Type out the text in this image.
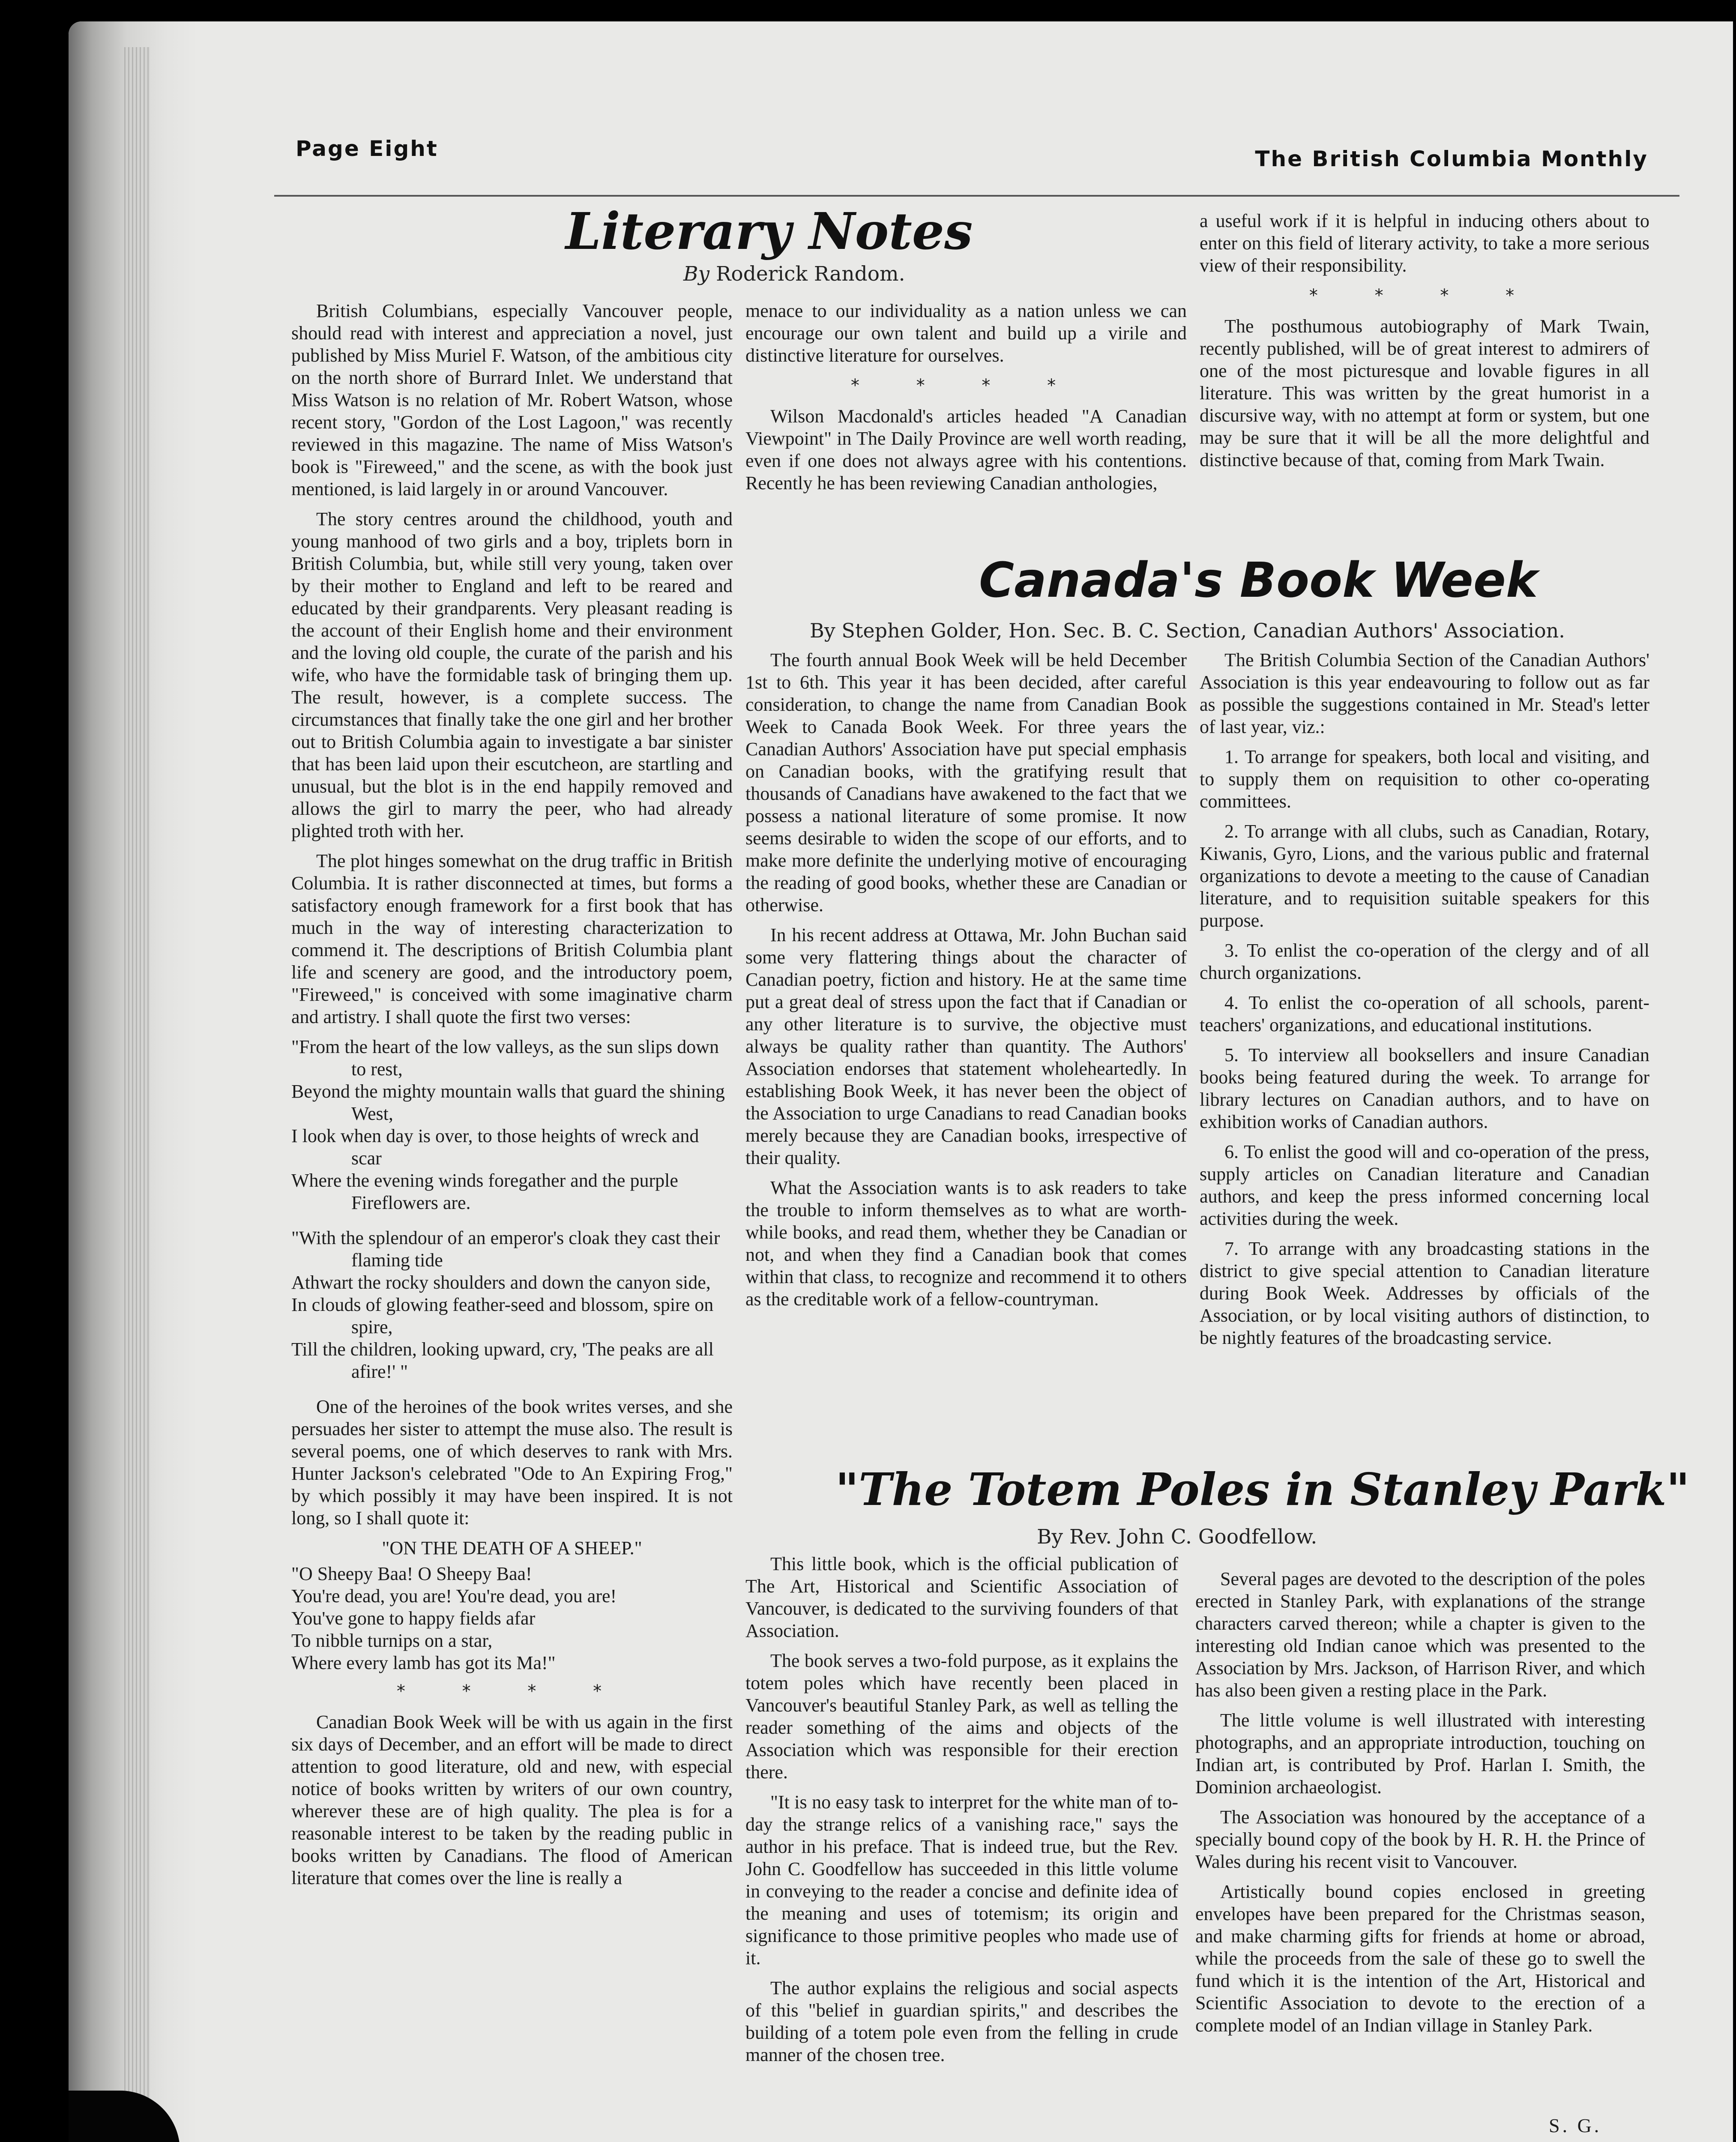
Page Eight	The British Columbia Monthly
Literary Notes
By Roderick Random.

British Columbians, especially Vancouver people, should read with interest and appreciation a novel, just published by Miss Muriel F. Watson, of the ambitious city on the north shore of Burrard Inlet. We understand that Miss Watson is no relation of Mr. Robert Watson, whose recent story, "Gordon of the Lost Lagoon," was recently reviewed in this magazine. The name of Miss Watson's book is "Fireweed," and the scene, as with the book just mentioned, is laid largely in or around Vancouver.

The story centres around the childhood, youth and young manhood of two girls and a boy, triplets born in British Columbia, but, while still very young, taken over by their mother to England and left to be reared and educated by their grandparents. Very pleasant reading is the account of their English home and their environment and the loving old couple, the curate of the parish and his wife, who have the formidable task of bringing them up. The result, however, is a complete success. The circumstances that finally take the one girl and her brother out to British Columbia again to investigate a bar sinister that has been laid upon their escutcheon, are startling and unusual, but the blot is in the end happily removed and allows the girl to marry the peer, who had already plighted troth with her.

The plot hinges somewhat on the drug traffic in British Columbia. It is rather disconnected at times, but forms a satisfactory enough framework for a first book that has much in the way of interesting characterization to commend it. The descriptions of British Columbia plant life and scenery are good, and the introductory poem, "Fireweed," is conceived with some imaginative charm and artistry. I shall quote the first two verses:

"From the heart of the low valleys, as the sun slips down to rest,
Beyond the mighty mountain walls that guard the shining West,
I look when day is over, to those heights of wreck and scar
Where the evening winds foregather and the purple Fireflowers are.
"With the splendour of an emperor's cloak they cast their flaming tide
Athwart the rocky shoulders and down the canyon side,
In clouds of glowing feather-seed and blossom, spire on spire,
Till the children, looking upward, cry, 'The peaks are all afire!' "

One of the heroines of the book writes verses, and she persuades her sister to attempt the muse also. The result is several poems, one of which deserves to rank with Mrs. Hunter Jackson's celebrated "Ode to An Expiring Frog," by which possibly it may have been inspired. It is not long, so I shall quote it:

"ON THE DEATH OF A SHEEP."
"O Sheepy Baa! O Sheepy Baa!
You're dead, you are! You're dead, you are!
You've gone to happy fields afar
To nibble turnips on a star,
Where every lamb has got its Ma!"
* * * *

Canadian Book Week will be with us again in the first six days of December, and an effort will be made to direct attention to good literature, old and new, with especial notice of books written by writers of our own country, wherever these are of high quality. The plea is for a reasonable interest to be taken by the reading public in books written by Canadians. The flood of American literature that comes over the line is really a

menace to our individuality as a nation unless we can encourage our own talent and build up a virile and distinctive literature for ourselves.

* * * *

Wilson Macdonald's articles headed "A Canadian Viewpoint" in The Daily Province are well worth reading, even if one does not always agree with his contentions. Recently he has been reviewing Canadian anthologies,

a useful work if it is helpful in inducing others about to enter on this field of literary activity, to take a more serious view of their responsibility.

* * * *

The posthumous autobiography of Mark Twain, recently published, will be of great interest to admirers of one of the most picturesque and lovable figures in all literature. This was written by the great humorist in a discursive way, with no attempt at form or system, but one may be sure that it will be all the more delightful and distinctive because of that, coming from Mark Twain.

Canada's Book Week
By Stephen Golder, Hon. Sec. B. C. Section, Canadian Authors' Association.

The fourth annual Book Week will be held December 1st to 6th. This year it has been decided, after careful consideration, to change the name from Canadian Book Week to Canada Book Week. For three years the Canadian Authors' Association have put special emphasis on Canadian books, with the gratifying result that thousands of Canadians have awakened to the fact that we possess a national literature of some promise. It now seems desirable to widen the scope of our efforts, and to make more definite the underlying motive of encouraging the reading of good books, whether these are Canadian or otherwise.

In his recent address at Ottawa, Mr. John Buchan said some very flattering things about the character of Canadian poetry, fiction and history. He at the same time put a great deal of stress upon the fact that if Canadian or any other literature is to survive, the objective must always be quality rather than quantity. The Authors' Association endorses that statement wholeheartedly. In establishing Book Week, it has never been the object of the Association to urge Canadians to read Canadian books merely because they are Canadian books, irrespective of their quality.

What the Association wants is to ask readers to take the trouble to inform themselves as to what are worth-while books, and read them, whether they be Canadian or not, and when they find a Canadian book that comes within that class, to recognize and recommend it to others as the creditable work of a fellow-countryman.

The British Columbia Section of the Canadian Authors' Association is this year endeavouring to follow out as far as possible the suggestions contained in Mr. Stead's letter of last year, viz.:

1. To arrange for speakers, both local and visiting, and to supply them on requisition to other co-operating committees.

2. To arrange with all clubs, such as Canadian, Rotary, Kiwanis, Gyro, Lions, and the various public and fraternal organizations to devote a meeting to the cause of Canadian literature, and to requisition suitable speakers for this purpose.

3. To enlist the co-operation of the clergy and of all church organizations.

4. To enlist the co-operation of all schools, parent-teachers' organizations, and educational institutions.

5. To interview all booksellers and insure Canadian books being featured during the week. To arrange for library lectures on Canadian authors, and to have on exhibition works of Canadian authors.

6. To enlist the good will and co-operation of the press, supply articles on Canadian literature and Canadian authors, and keep the press informed concerning local activities during the week.

7. To arrange with any broadcasting stations in the district to give special attention to Canadian literature during Book Week. Addresses by officials of the Association, or by local visiting authors of distinction, to be nightly features of the broadcasting service.

"The Totem Poles in Stanley Park"
By Rev. John C. Goodfellow.

This little book, which is the official publication of The Art, Historical and Scientific Association of Vancouver, is dedicated to the surviving founders of that Association.

The book serves a two-fold purpose, as it explains the totem poles which have recently been placed in Vancouver's beautiful Stanley Park, as well as telling the reader something of the aims and objects of the Association which was responsible for their erection there.

"It is no easy task to interpret for the white man of to-day the strange relics of a vanishing race," says the author in his preface. That is indeed true, but the Rev. John C. Goodfellow has succeeded in this little volume in conveying to the reader a concise and definite idea of the meaning and uses of totemism; its origin and significance to those primitive peoples who made use of it.

The author explains the religious and social aspects of this "belief in guardian spirits," and describes the building of a totem pole even from the felling in crude manner of the chosen tree.

Several pages are devoted to the description of the poles erected in Stanley Park, with explanations of the strange characters carved thereon; while a chapter is given to the interesting old Indian canoe which was presented to the Association by Mrs. Jackson, of Harrison River, and which has also been given a resting place in the Park.

The little volume is well illustrated with interesting photographs, and an appropriate introduction, touching on Indian art, is contributed by Prof. Harlan I. Smith, the Dominion archaeologist.

The Association was honoured by the acceptance of a specially bound copy of the book by H. R. H. the Prince of Wales during his recent visit to Vancouver.

Artistically bound copies enclosed in greeting envelopes have been prepared for the Christmas season, and make charming gifts for friends at home or abroad, while the proceeds from the sale of these go to swell the fund which it is the intention of the Art, Historical and Scientific Association to devote to the erection of a complete model of an Indian village in Stanley Park.

S. G.
